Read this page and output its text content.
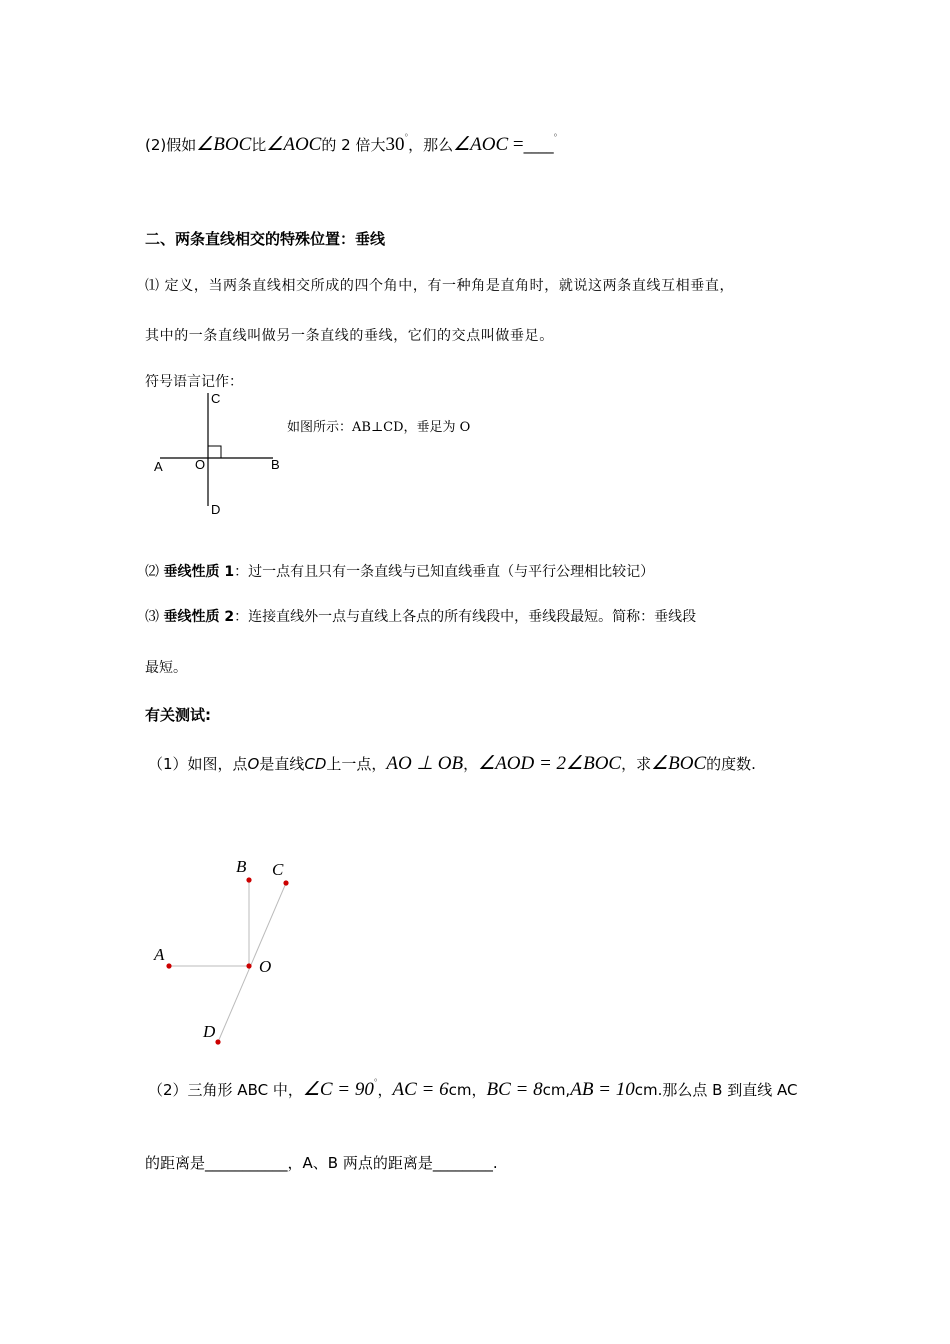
(2)假如∠BOC比∠AOC的 2 倍大30°，那么∠AOC =____°
二、两条直线相交的特殊位置：垂线
⑴ 定义，当两条直线相交所成的四个角中，有一种角是直角时，就说这两条直线互相垂直，
其中的一条直线叫做另一条直线的垂线，它们的交点叫做垂足。
符号语言记作：
C
A O	B
D
如图所示：AB⊥CD，垂足为 O
⑵ 垂线性质 1：过一点有且只有一条直线与已知直线垂直（与平行公理相比较记）
⑶ 垂线性质 2：连接直线外一点与直线上各点的所有线段中，垂线段最短。简称：垂线段
最短。
有关测试:
（1）如图，点O是直线CD上一点，AO ⊥ OB，∠AOD = 2∠BOC，求∠BOC的度数.
B C
A
O
D
（2）三角形 ABC 中，∠C = 90°，AC = 6cm，BC = 8cm,AB = 10cm.那么点 B 到直线 AC
的距离是___________，A、B 两点的距离是________.
